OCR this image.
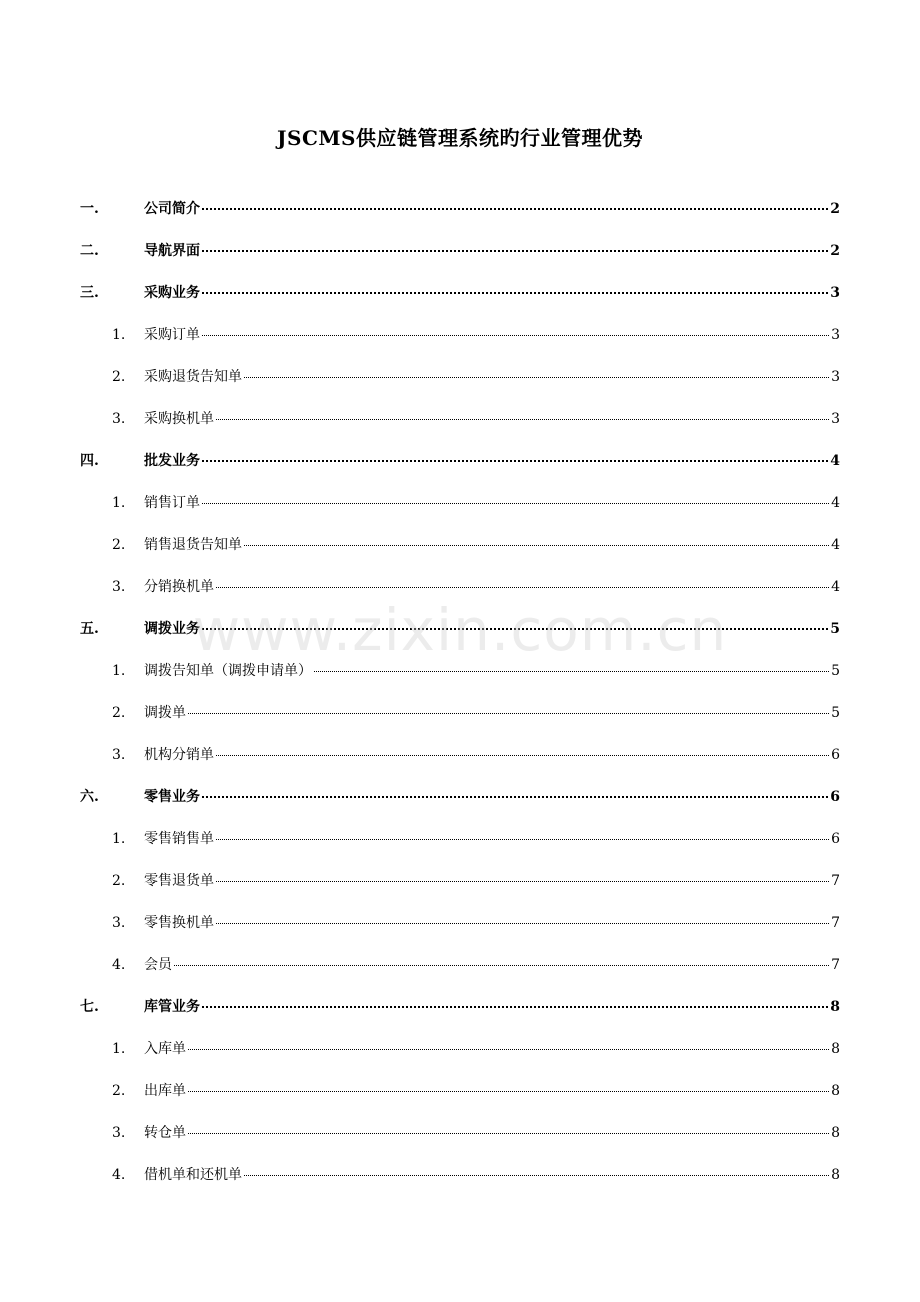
JSCMS供应链管理系统旳行业管理优势
一.	公司简介	2
二.	导航界面	2
三.	采购业务	3
1.	采购订单	3
2.	采购退货告知单	3
3.	采购换机单	3
四.	批发业务	4
1.	销售订单	4
2.	销售退货告知单	4
3.	分销换机单	4
五.	调拨业务	5
1.	调拨告知单（调拨申请单）	5
2.	调拨单	5
3.	机构分销单	6
六.	零售业务	6
1.	零售销售单	6
2.	零售退货单	7
3.	零售换机单	7
4.	会员	7
七.	库管业务	8
1.	入库单	8
2.	出库单	8
3.	转仓单	8
4.	借机单和还机单	8
www.zixin.com.cn
